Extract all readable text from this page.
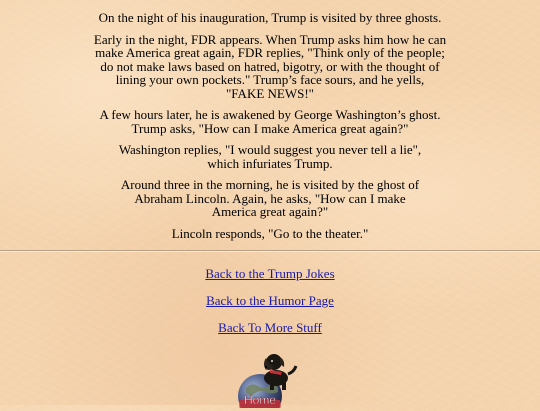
On the night of his inauguration, Trump is visited by three ghosts.

Early in the night, FDR appears. When Trump asks him how he can
make America great again, FDR replies, "Think only of the people;
do not make laws based on hatred, bigotry, or with the thought of
lining your own pockets." Trump’s face sours, and he yells,
"FAKE NEWS!"

A few hours later, he is awakened by George Washington’s ghost.
Trump asks, "How can I make America great again?"

Washington replies, "I would suggest you never tell a lie",
which infuriates Trump.

Around three in the morning, he is visited by the ghost of
Abraham Lincoln. Again, he asks, "How can I make
America great again?"

Lincoln responds, "Go to the theater."

Back to the Trump Jokes
Back to the Humor Page
Back To More Stuff
Home
